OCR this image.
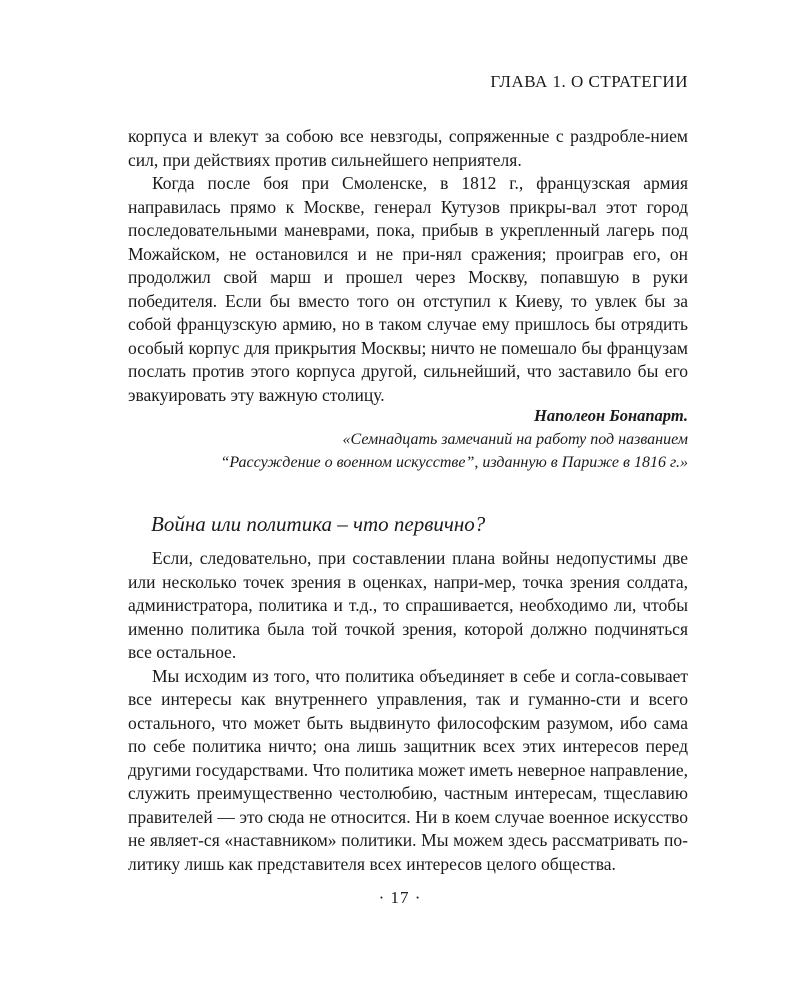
ГЛАВА 1. О СТРАТЕГИИ

корпуса и влекут за собою все невзгоды, сопряженные с раздробле-нием сил, при действиях против сильнейшего неприятеля.

Когда после боя при Смоленске, в 1812 г., французская армия направилась прямо к Москве, генерал Кутузов прикры-вал этот город последовательными маневрами, пока, прибыв в укрепленный лагерь под Можайском, не остановился и не при-нял сражения; проиграв его, он продолжил свой марш и прошел через Москву, попавшую в руки победителя. Если бы вместо того он отступил к Киеву, то увлек бы за собой французскую армию, но в таком случае ему пришлось бы отрядить особый корпус для прикрытия Москвы; ничто не помешало бы французам послать против этого корпуса другой, сильнейший, что заставило бы его эвакуировать эту важную столицу.

Наполеон Бонапарт.
«Семнадцать замечаний на работу под названием
“Рассуждение о военном искусстве”, изданную в Париже в 1816 г.»
Война или политика – что первично?

Если, следовательно, при составлении плана войны недопустимы две или несколько точек зрения в оценках, напри-мер, точка зрения солдата, администратора, политика и т.д., то спрашивается, необходимо ли, чтобы именно политика была той точкой зрения, которой должно подчиняться все остальное.

Мы исходим из того, что политика объединяет в себе и согла-совывает все интересы как внутреннего управления, так и гуманно-сти и всего остального, что может быть выдвинуто философским разумом, ибо сама по себе политика ничто; она лишь защитник всех этих интересов перед другими государствами. Что политика может иметь неверное направление, служить преимущественно честолюбию, частным интересам, тщеславию правителей — это сюда не относится. Ни в коем случае военное искусство не являет-ся «наставником» политики. Мы можем здесь рассматривать по-литику лишь как представителя всех интересов целого общества.

· 17 ·
